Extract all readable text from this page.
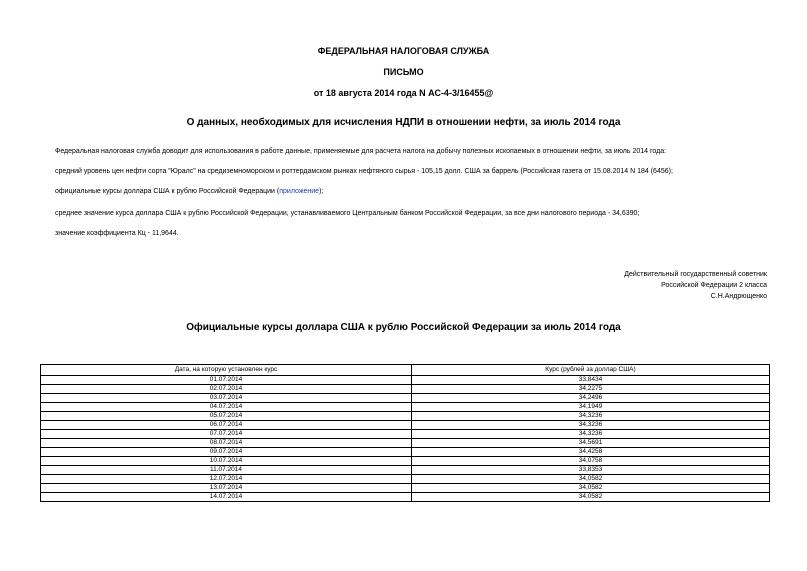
ФЕДЕРАЛЬНАЯ НАЛОГОВАЯ СЛУЖБА
ПИСЬМО
от 18 августа 2014 года N АС-4-3/16455@
О данных, необходимых для исчисления НДПИ в отношении нефти, за июль 2014 года
Федеральная налоговая служба доводит для использования в работе данные, применяемые для расчета налога на добычу полезных ископаемых в отношении нефти, за июль 2014 года:
средний уровень цен нефти сорта "Юралс" на средиземноморском и роттердамском рынках нефтяного сырья - 105,15 долл. США за баррель (Российская газета от 15.08.2014 N 184 (6456);
официальные курсы доллара США к рублю Российской Федерации (приложение);
среднее значение курса доллара США к рублю Российской Федерации, устанавливаемого Центральным банком Российской Федерации, за все дни налогового периода - 34,6390;
значение коэффициента Кц - 11,9644.
Действительный государственный советник
Российской Федерации 2 класса
С.Н.Андрющенко
Официальные курсы доллара США к рублю Российской Федерации за июль 2014 года
Дата, на которую установлен курс	Курс (рублей за доллар США)
01.07.2014	33,8434
02.07.2014	34,2275
03.07.2014	34,2496
04.07.2014	34,1949
05.07.2014	34,3236
06.07.2014	34,3236
07.07.2014	34,3236
08.07.2014	34,5691
09.07.2014	34,4258
10.07.2014	34,0758
11.07.2014	33,8353
12.07.2014	34,0582
13.07.2014	34,0582
14.07.2014	34,0582
